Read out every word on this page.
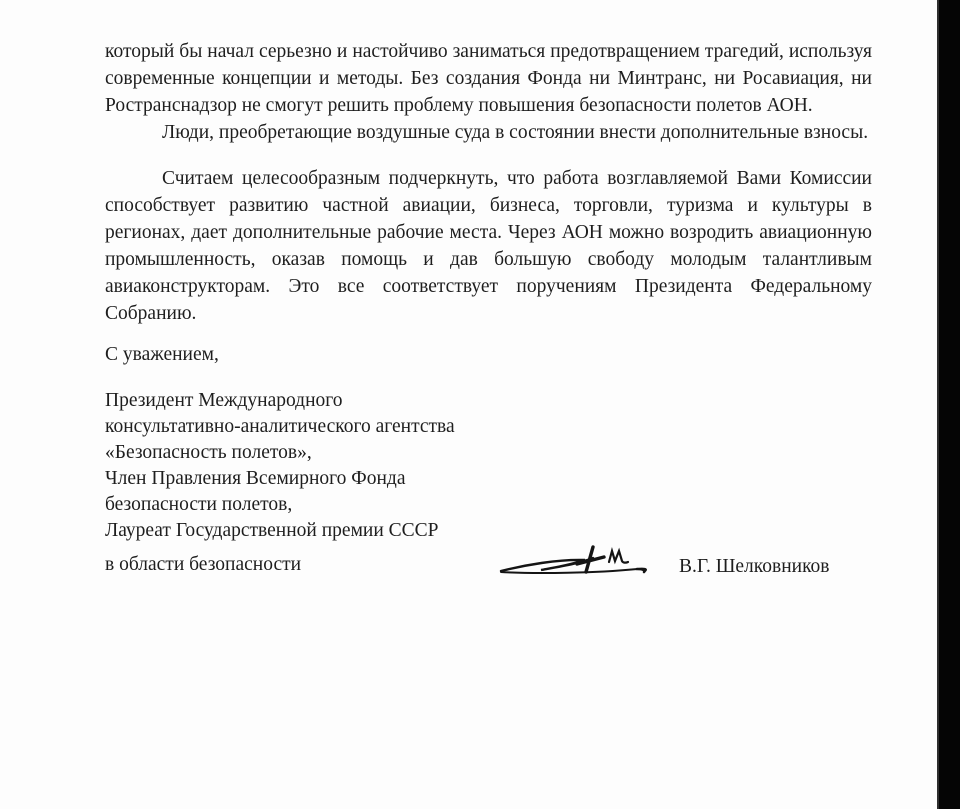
который бы начал серьезно и настойчиво заниматься предотвращением трагедий, используя современные концепции и методы. Без создания Фонда ни Минтранс, ни Росавиация, ни Ространснадзор не смогут решить проблему повышения безопасности полетов АОН.

Люди, преобретающие воздушные суда в состоянии внести дополнительные взносы.

Считаем целесообразным подчеркнуть, что работа возглавляемой Вами Комиссии способствует развитию частной авиации, бизнеса, торговли, туризма и культуры в регионах, дает дополнительные рабочие места. Через АОН можно возродить авиационную промышленность, оказав помощь и дав большую свободу молодым талантливым авиаконструкторам. Это все соответствует поручениям Президента Федеральному Собранию.

С уважением,

Президент Международного
консультативно-аналитического агентства
«Безопасность полетов»,
Член Правления Всемирного Фонда
безопасности полетов,
Лауреат Государственной премии СССР
в области безопасности	В.Г. Шелковников
